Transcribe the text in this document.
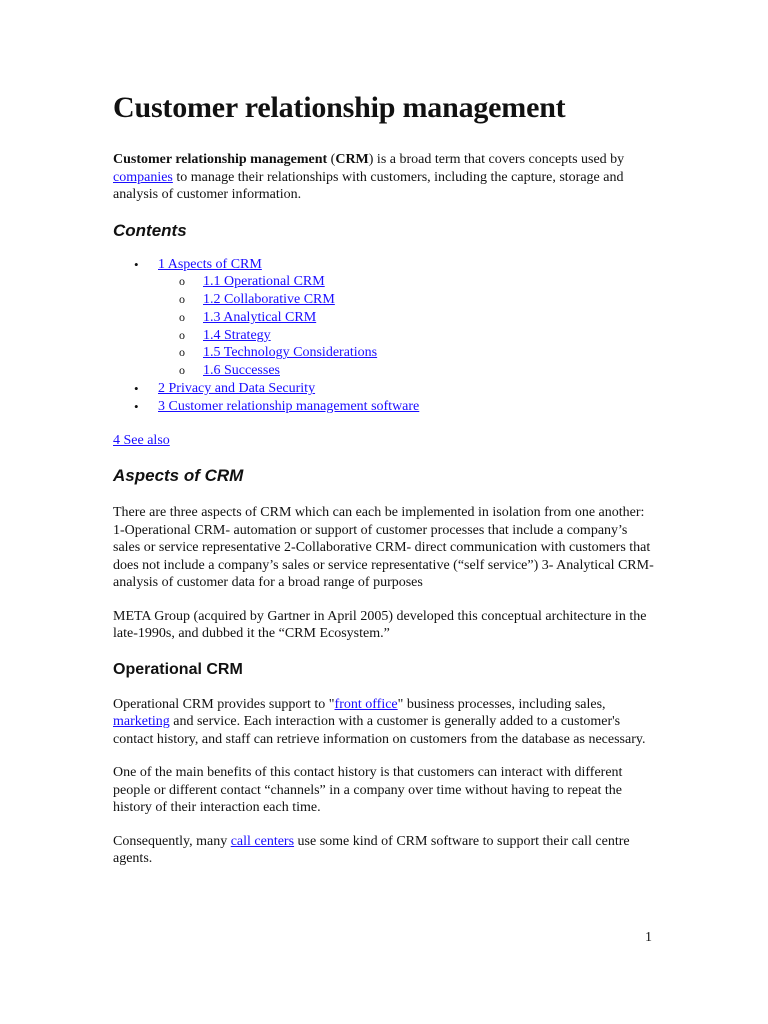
Customer relationship management

Customer relationship management (CRM) is a broad term that covers concepts used by companies to manage their relationships with customers, including the capture, storage and analysis of customer information.

Contents
• 1 Aspects of CRM
o 1.1 Operational CRM
o 1.2 Collaborative CRM
o 1.3 Analytical CRM
o 1.4 Strategy
o 1.5 Technology Considerations
o 1.6 Successes
• 2 Privacy and Data Security
• 3 Customer relationship management software

4 See also

Aspects of CRM

There are three aspects of CRM which can each be implemented in isolation from one another: 1-Operational CRM- automation or support of customer processes that include a company’s sales or service representative 2-Collaborative CRM- direct communication with customers that does not include a company’s sales or service representative (“self service”) 3- Analytical CRM- analysis of customer data for a broad range of purposes

META Group (acquired by Gartner in April 2005) developed this conceptual architecture in the late-1990s, and dubbed it the “CRM Ecosystem.”

Operational CRM

Operational CRM provides support to "front office" business processes, including sales, marketing and service. Each interaction with a customer is generally added to a customer's contact history, and staff can retrieve information on customers from the database as necessary.

One of the main benefits of this contact history is that customers can interact with different people or different contact “channels” in a company over time without having to repeat the history of their interaction each time.

Consequently, many call centers use some kind of CRM software to support their call centre agents.

1
